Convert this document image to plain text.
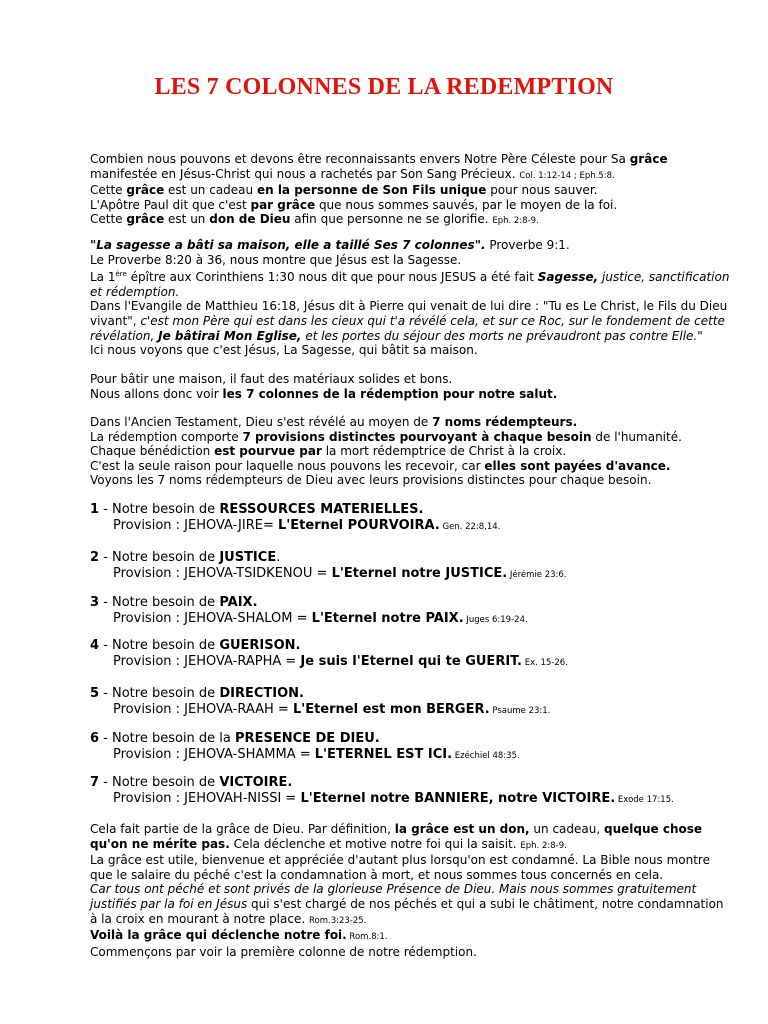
LES 7 COLONNES DE LA REDEMPTION

Combien nous pouvons et devons être reconnaissants envers Notre Père Céleste pour Sa grâce manifestée en Jésus-Christ qui nous a rachetés par Son Sang Précieux. Col. 1:12-14 ; Eph.5:8.

Cette grâce est un cadeau en la personne de Son Fils unique pour nous sauver.

L'Apôtre Paul dit que c'est par grâce que nous sommes sauvés, par le moyen de la foi.

Cette grâce est un don de Dieu afin que personne ne se glorifie. Eph. 2:8-9.

"La sagesse a bâti sa maison, elle a taillé Ses 7 colonnes". Proverbe 9:1.

Le Proverbe 8:20 à 36, nous montre que Jésus est la Sagesse.

La 1ère épître aux Corinthiens 1:30 nous dit que pour nous JESUS a été fait Sagesse, justice, sanctification et rédemption.

Dans l'Evangile de Matthieu 16:18, Jésus dit à Pierre qui venait de lui dire : "Tu es Le Christ, le Fils du Dieu vivant", c'est mon Père qui est dans les cieux qui t'a révélé cela, et sur ce Roc, sur le fondement de cette révélation, Je bâtirai Mon Eglise, et les portes du séjour des morts ne prévaudront pas contre Elle."

Ici nous voyons que c'est Jésus, La Sagesse, qui bâtit sa maison.

Pour bâtir une maison, il faut des matériaux solides et bons.

Nous allons donc voir les 7 colonnes de la rédemption pour notre salut.

Dans l'Ancien Testament, Dieu s'est révélé au moyen de 7 noms rédempteurs.

La rédemption comporte 7 provisions distinctes pourvoyant à chaque besoin de l'humanité.

Chaque bénédiction est pourvue par la mort rédemptrice de Christ à la croix.

C'est la seule raison pour laquelle nous pouvons les recevoir, car elles sont payées d'avance.

Voyons les 7 noms rédempteurs de Dieu avec leurs provisions distinctes pour chaque besoin.

1 - Notre besoin de RESSOURCES MATERIELLES.

Provision : JEHOVA-JIRE= L'Eternel POURVOIRA. Gen. 22:8,14.

2 - Notre besoin de JUSTICE.

Provision : JEHOVA-TSIDKENOU = L'Eternel notre JUSTICE. Jérémie 23:6.

3 - Notre besoin de PAIX.

Provision : JEHOVA-SHALOM = L'Eternel notre PAIX. Juges 6:19-24.

4 - Notre besoin de GUERISON.

Provision : JEHOVA-RAPHA = Je suis l'Eternel qui te GUERIT. Ex. 15-26.

5 - Notre besoin de DIRECTION.

Provision : JEHOVA-RAAH = L'Eternel est mon BERGER. Psaume 23:1.

6 - Notre besoin de la PRESENCE DE DIEU.

Provision : JEHOVA-SHAMMA = L'ETERNEL EST ICI. Ezéchiel 48:35.

7 - Notre besoin de VICTOIRE.

Provision : JEHOVAH-NISSI = L'Eternel notre BANNIERE, notre VICTOIRE. Exode 17:15.

Cela fait partie de la grâce de Dieu. Par définition, la grâce est un don, un cadeau, quelque chose qu'on ne mérite pas. Cela déclenche et motive notre foi qui la saisit. Eph. 2:8-9.

La grâce est utile, bienvenue et appréciée d'autant plus lorsqu'on est condamné. La Bible nous montre que le salaire du péché c'est la condamnation à mort, et nous sommes tous concernés en cela.

Car tous ont péché et sont privés de la glorieuse Présence de Dieu. Mais nous sommes gratuitement justifiés par la foi en Jésus qui s'est chargé de nos péchés et qui a subi le châtiment, notre condamnation à la croix en mourant à notre place. Rom.3:23-25.

Voilà la grâce qui déclenche notre foi. Rom.8:1.

Commençons par voir la première colonne de notre rédemption.
